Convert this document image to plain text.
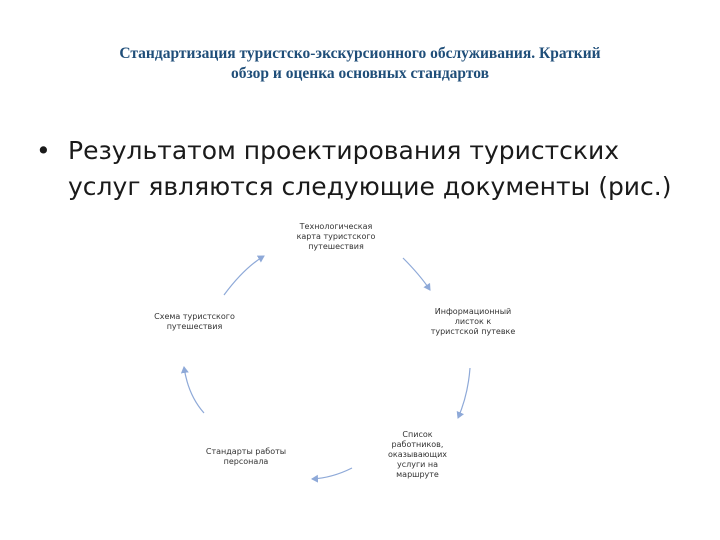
Стандартизация туристско-экскурсионного обслуживания. Краткий
обзор и оценка основных стандартов
• Результатом проектирования туристских услуг являются следующие документы (рис.)
Технологическая
карта туристского
путешествия
Информационный
листок к
туристской путевке
Список
работников,
оказывающих
услуги на
маршруте
Стандарты работы
персонала
Схема туристского
путешествия
